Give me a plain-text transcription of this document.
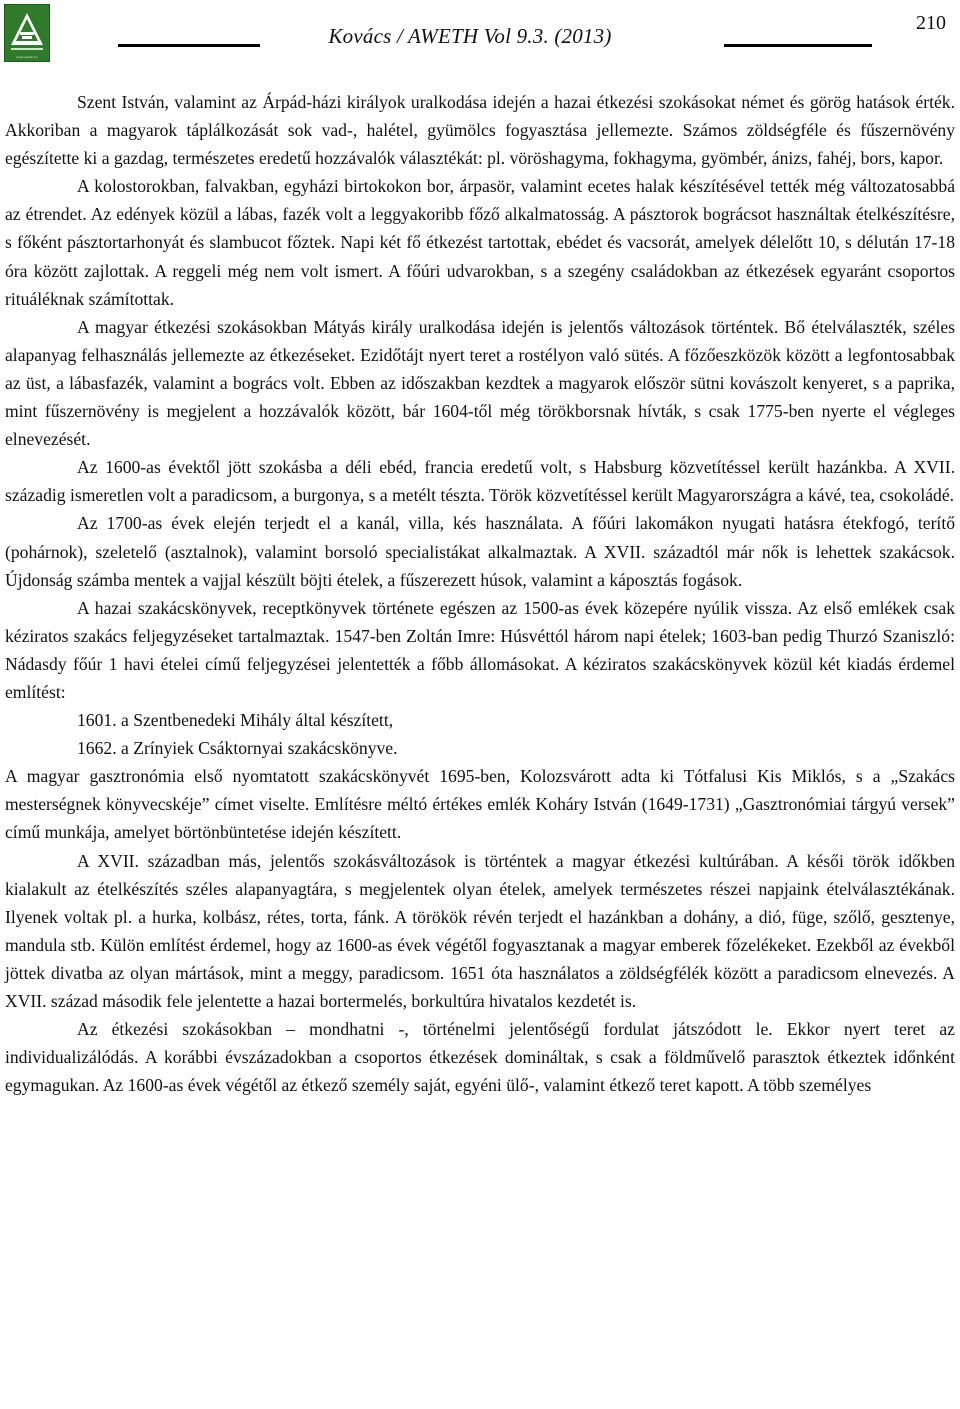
www.aweth.hu
Kovács / AWETH Vol 9.3. (2013)
210

Szent István, valamint az Árpád-házi királyok uralkodása idején a hazai étkezési szokásokat német és görög hatások érték. Akkoriban a magyarok táplálkozását sok vad-, halétel, gyümölcs fogyasztása jellemezte. Számos zöldségféle és fűszernövény egészítette ki a gazdag, természetes eredetű hozzávalók választékát: pl. vöröshagyma, fokhagyma, gyömbér, ánizs, fahéj, bors, kapor.

A kolostorokban, falvakban, egyházi birtokokon bor, árpasör, valamint ecetes halak készítésével tették még változatosabbá az étrendet. Az edények közül a lábas, fazék volt a leggyakoribb főző alkalmatosság. A pásztorok bográcsot használtak ételkészítésre, s főként pásztortarhonyát és slambucot főztek. Napi két fő étkezést tartottak, ebédet és vacsorát, amelyek délelőtt 10, s délután 17-18 óra között zajlottak. A reggeli még nem volt ismert. A főúri udvarokban, s a szegény családokban az étkezések egyaránt csoportos rituáléknak számítottak.

A magyar étkezési szokásokban Mátyás király uralkodása idején is jelentős változások történtek. Bő ételválaszték, széles alapanyag felhasználás jellemezte az étkezéseket. Ezidőtájt nyert teret a rostélyon való sütés. A főzőeszközök között a legfontosabbak az üst, a lábasfazék, valamint a bogrács volt. Ebben az időszakban kezdtek a magyarok először sütni kovászolt kenyeret, s a paprika, mint fűszernövény is megjelent a hozzávalók között, bár 1604-től még törökborsnak hívták, s csak 1775-ben nyerte el végleges elnevezését.

Az 1600-as évektől jött szokásba a déli ebéd, francia eredetű volt, s Habsburg közvetítéssel került hazánkba. A XVII. századig ismeretlen volt a paradicsom, a burgonya, s a metélt tészta. Török közvetítéssel került Magyarországra a kávé, tea, csokoládé.

Az 1700-as évek elején terjedt el a kanál, villa, kés használata. A főúri lakomákon nyugati hatásra étekfogó, terítő (pohárnok), szeletelő (asztalnok), valamint borsoló specialistákat alkalmaztak. A XVII. századtól már nők is lehettek szakácsok. Újdonság számba mentek a vajjal készült böjti ételek, a fűszerezett húsok, valamint a káposztás fogások.

A hazai szakácskönyvek, receptkönyvek története egészen az 1500-as évek közepére nyúlik vissza. Az első emlékek csak kéziratos szakács feljegyzéseket tartalmaztak. 1547-ben Zoltán Imre: Húsvéttól három napi ételek; 1603-ban pedig Thurzó Szaniszló: Nádasdy főúr 1 havi ételei című feljegyzései jelentették a főbb állomásokat. A kéziratos szakácskönyvek közül két kiadás érdemel említést:

1601. a Szentbenedeki Mihály által készített,

1662. a Zrínyiek Csáktornyai szakácskönyve.

A magyar gasztronómia első nyomtatott szakácskönyvét 1695-ben, Kolozsvárott adta ki Tótfalusi Kis Miklós, s a „Szakács mesterségnek könyvecskéje” címet viselte. Említésre méltó értékes emlék Koháry István (1649-1731) „Gasztronómiai tárgyú versek” című munkája, amelyet börtönbüntetése idején készített.

A XVII. században más, jelentős szokásváltozások is történtek a magyar étkezési kultúrában. A késői török időkben kialakult az ételkészítés széles alapanyagtára, s megjelentek olyan ételek, amelyek természetes részei napjaink ételválasztékának. Ilyenek voltak pl. a hurka, kolbász, rétes, torta, fánk. A törökök révén terjedt el hazánkban a dohány, a dió, füge, szőlő, gesztenye, mandula stb. Külön említést érdemel, hogy az 1600-as évek végétől fogyasztanak a magyar emberek főzelékeket. Ezekből az évekből jöttek divatba az olyan mártások, mint a meggy, paradicsom. 1651 óta használatos a zöldségfélék között a paradicsom elnevezés. A XVII. század második fele jelentette a hazai bortermelés, borkultúra hivatalos kezdetét is.

Az étkezési szokásokban – mondhatni -, történelmi jelentőségű fordulat játszódott le. Ekkor nyert teret az individualizálódás. A korábbi évszázadokban a csoportos étkezések domináltak, s csak a földművelő parasztok étkeztek időnként egymagukan. Az 1600-as évek végétől az étkező személy saját, egyéni ülő-, valamint étkező teret kapott. A több személyes
